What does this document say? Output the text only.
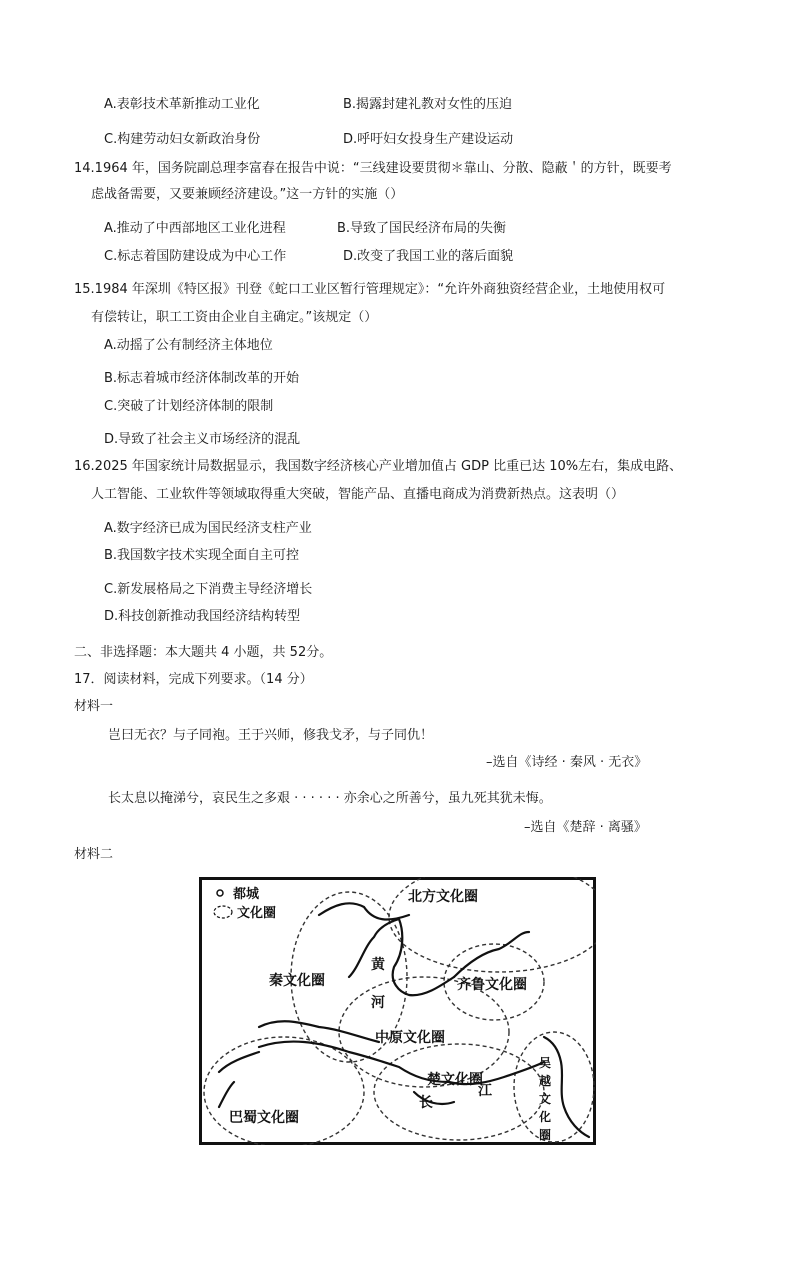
A.表彰技术革新推动工业化	B.揭露封建礼教对女性的压迫
C.构建劳动妇女新政治身份	D.呼吁妇女投身生产建设运动
14.1964 年，国务院副总理李富春在报告中说：“三线建设要贯彻＊靠山、分散、隐蔽＇的方针，既要考
虑战备需要，又要兼顾经济建设。”这一方针的实施（）
A.推动了中西部地区工业化进程	B.导致了国民经济布局的失衡
C.标志着国防建设成为中心工作	D.改变了我国工业的落后面貌
15.1984 年深圳《特区报》刊登《蛇口工业区暂行管理规定》：“允许外商独资经营企业，土地使用权可
有偿转让，职工工资由企业自主确定。”该规定（）
A.动摇了公有制经济主体地位
B.标志着城市经济体制改革的开始
C.突破了计划经济体制的限制
D.导致了社会主义市场经济的混乱
16.2025 年国家统计局数据显示，我国数字经济核心产业增加值占 GDP 比重已达 10%左右，集成电路、
人工智能、工业软件等领域取得重大突破，智能产品、直播电商成为消费新热点。这表明（）
A.数字经济已成为国民经济支柱产业
B.我国数字技术实现全面自主可控
C.新发展格局之下消费主导经济增长
D.科技创新推动我国经济结构转型
二、非选择题：本大题共 4 小题，共 52分。
17．阅读材料，完成下列要求。（14 分）
材料一
岂曰无衣？与子同袍。王于兴师，修我戈矛，与子同仇！
–选自《诗经 · 秦风 · 无衣》
长太息以掩涕兮，哀民生之多艰 · · · · · · 亦余心之所善兮，虽九死其犹未悔。
–选自《楚辞 · 离骚》
材料二
都城
文化圈
北方文化圈
秦文化圈	齐鲁文化圈
中原文化圈
楚文化圈
巴蜀文化圈
吴
越
文
化
圈
黄
河
长
江
